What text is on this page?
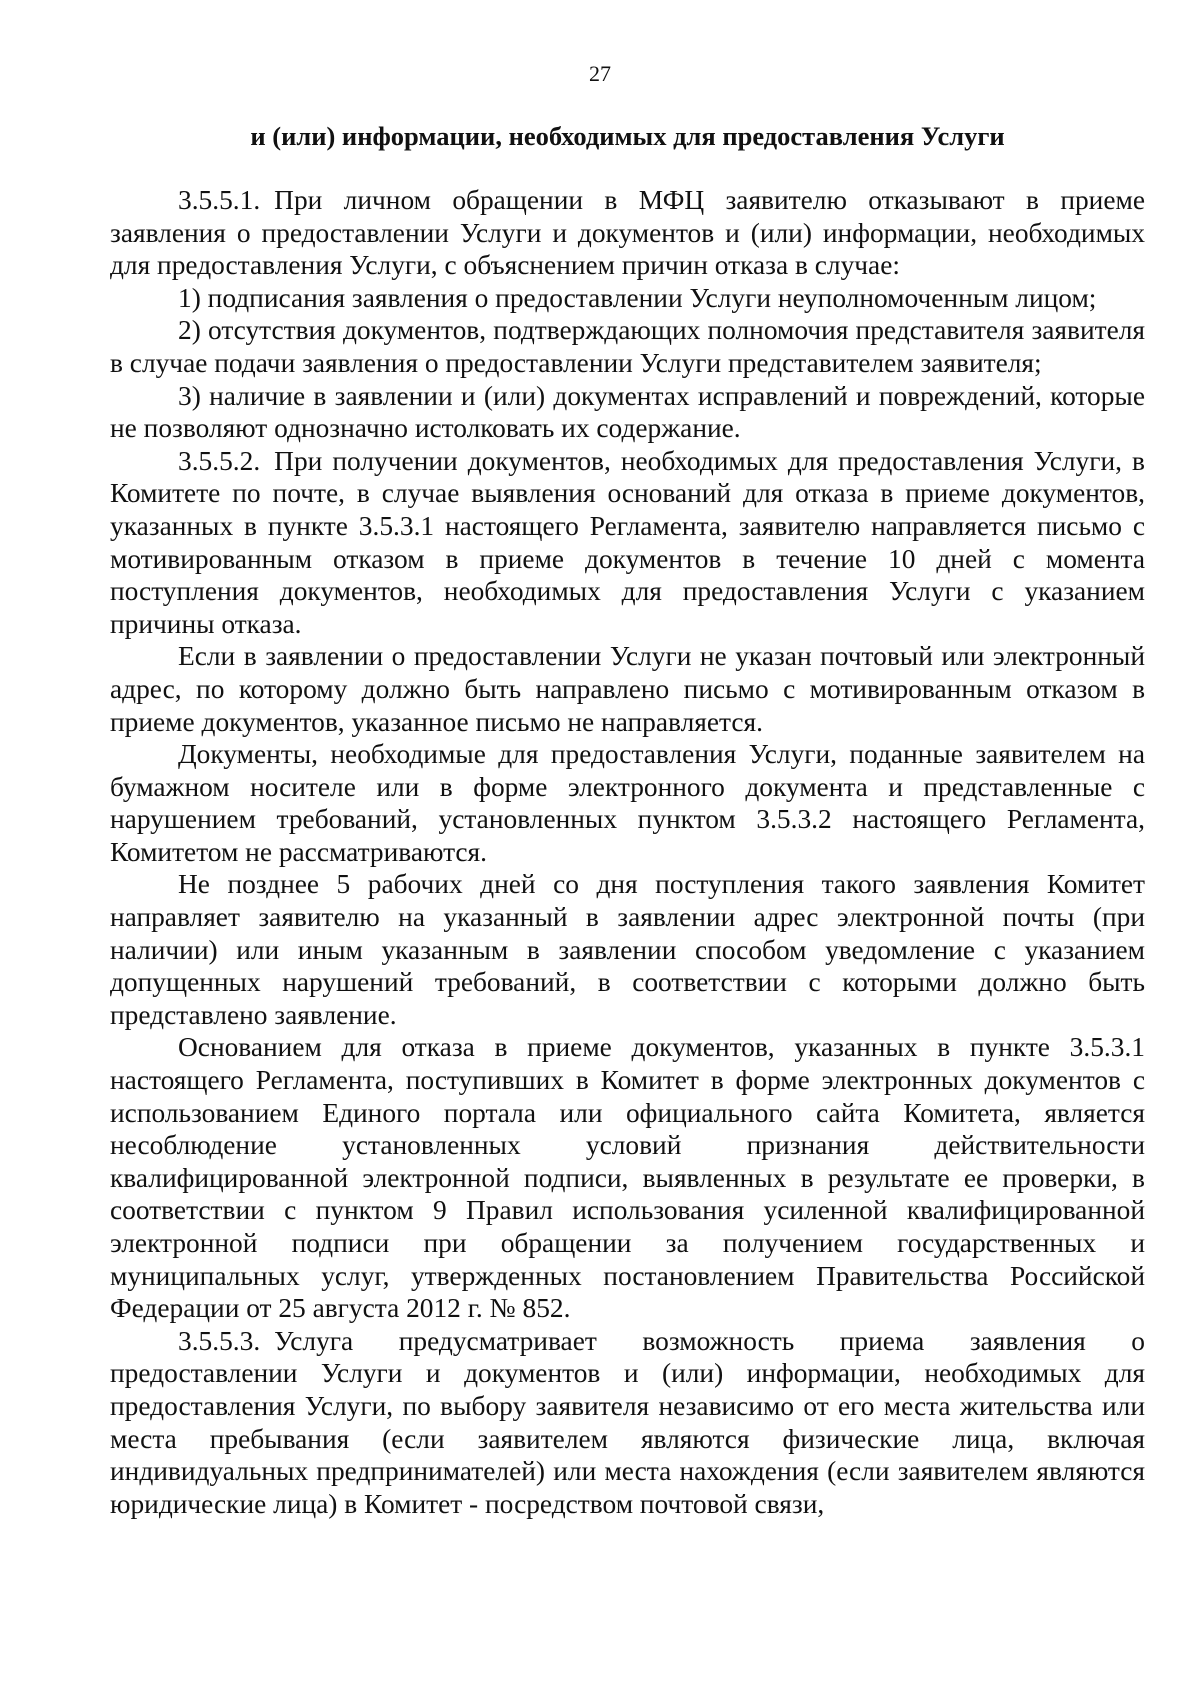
27
и (или) информации, необходимых для предоставления Услуги

3.5.5.1. При личном обращении в МФЦ заявителю отказывают в приеме заявления о предоставлении Услуги и документов и (или) информации, необходимых для предоставления Услуги, с объяснением причин отказа в случае:

1) подписания заявления о предоставлении Услуги неуполномоченным лицом;

2) отсутствия документов, подтверждающих полномочия представителя заявителя в случае подачи заявления о предоставлении Услуги представителем заявителя;

3) наличие в заявлении и (или) документах исправлений и повреждений, которые не позволяют однозначно истолковать их содержание.

3.5.5.2. При получении документов, необходимых для предоставления Услуги, в Комитете по почте, в случае выявления оснований для отказа в приеме документов, указанных в пункте 3.5.3.1 настоящего Регламента, заявителю направляется письмо с мотивированным отказом в приеме документов в течение 10 дней с момента поступления документов, необходимых для предоставления Услуги с указанием причины отказа.

Если в заявлении о предоставлении Услуги не указан почтовый или электронный адрес, по которому должно быть направлено письмо с мотивированным отказом в приеме документов, указанное письмо не направляется.

Документы, необходимые для предоставления Услуги, поданные заявителем на бумажном носителе или в форме электронного документа и представленные с нарушением требований, установленных пунктом 3.5.3.2 настоящего Регламента, Комитетом не рассматриваются.

Не позднее 5 рабочих дней со дня поступления такого заявления Комитет направляет заявителю на указанный в заявлении адрес электронной почты (при наличии) или иным указанным в заявлении способом уведомление с указанием допущенных нарушений требований, в соответствии с которыми должно быть представлено заявление.

Основанием для отказа в приеме документов, указанных в пункте 3.5.3.1 настоящего Регламента, поступивших в Комитет в форме электронных документов с использованием Единого портала или официального сайта Комитета, является несоблюдение установленных условий признания действительности квалифицированной электронной подписи, выявленных в результате ее проверки, в соответствии с пунктом 9 Правил использования усиленной квалифицированной электронной подписи при обращении за получением государственных и муниципальных услуг, утвержденных постановлением Правительства Российской Федерации от 25 августа 2012 г. № 852.

3.5.5.3. Услуга предусматривает возможность приема заявления о предоставлении Услуги и документов и (или) информации, необходимых для предоставления Услуги, по выбору заявителя независимо от его места жительства или места пребывания (если заявителем являются физические лица, включая индивидуальных предпринимателей) или места нахождения (если заявителем являются юридические лица) в Комитет - посредством почтовой связи,
